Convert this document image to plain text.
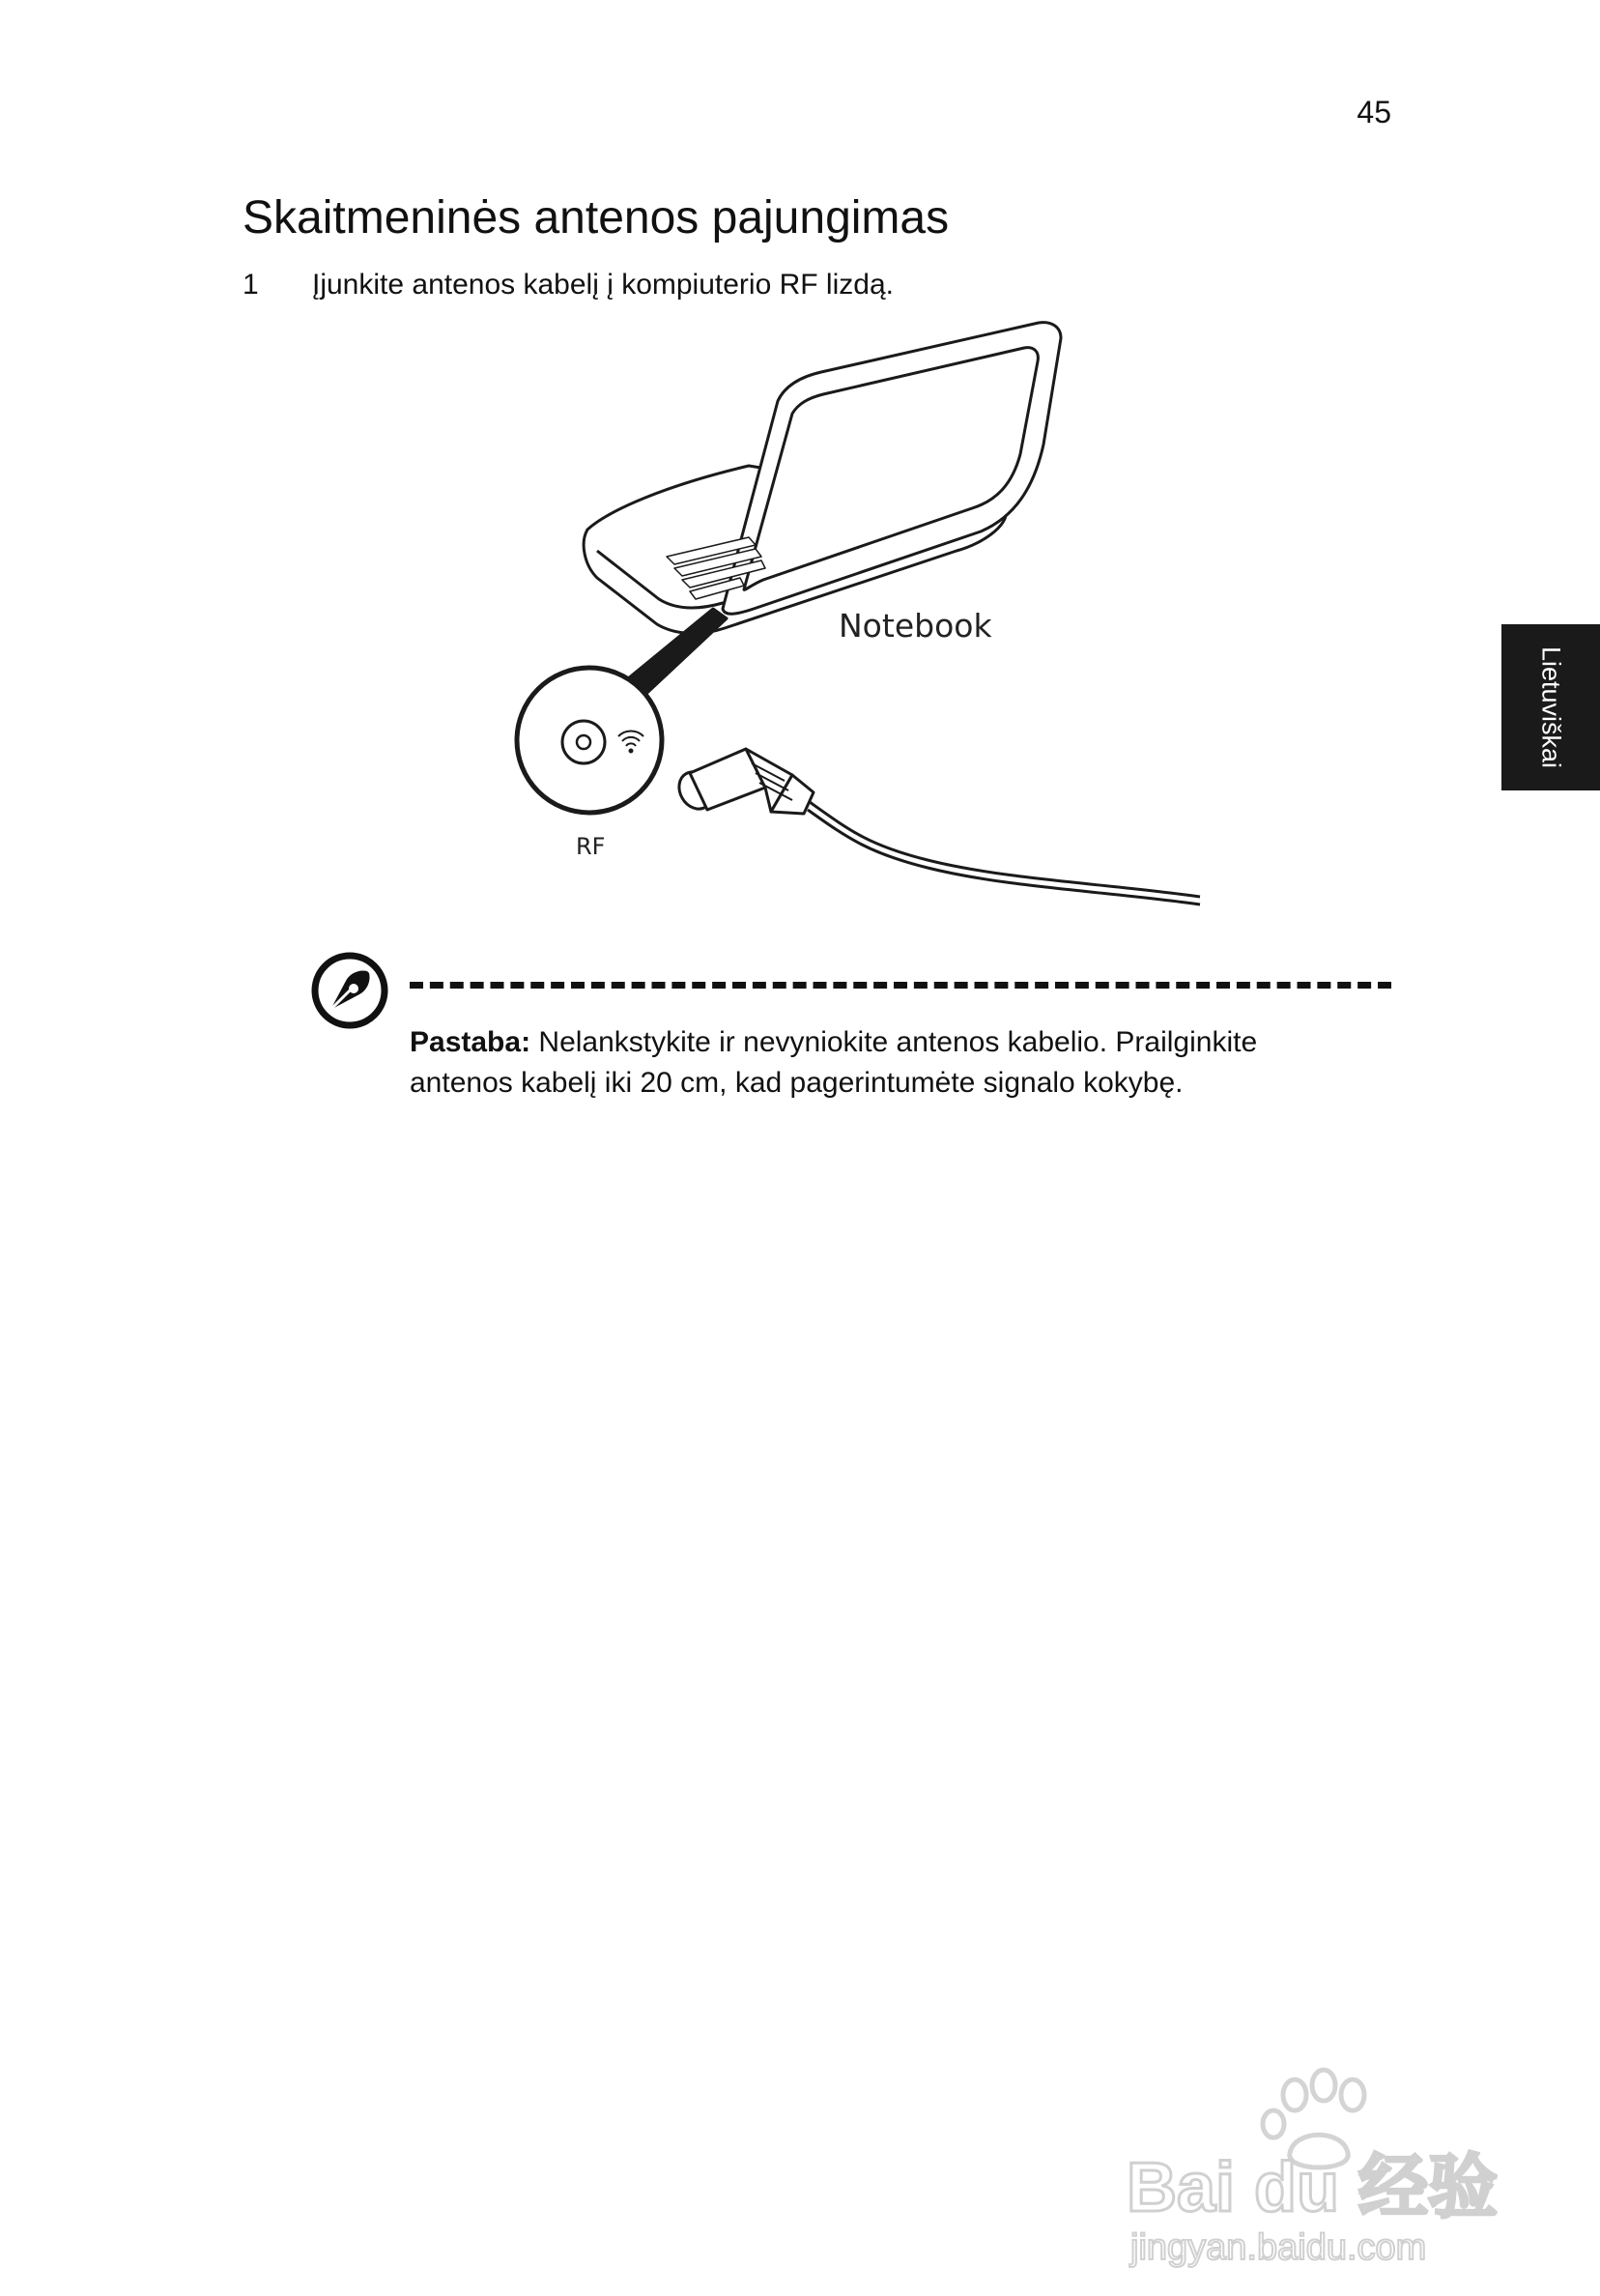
45
Skaitmeninės antenos pajungimas
1 Įjunkite antenos kabelį į kompiuterio RF lizdą.
Lietuviškai
Notebook
RF
Pastaba: Nelankstykite ir nevyniokite antenos kabelio. Prailginkite antenos kabelį iki 20 cm, kad pagerintumėte signalo kokybę.
Bai du 经验
jingyan.baidu.com
